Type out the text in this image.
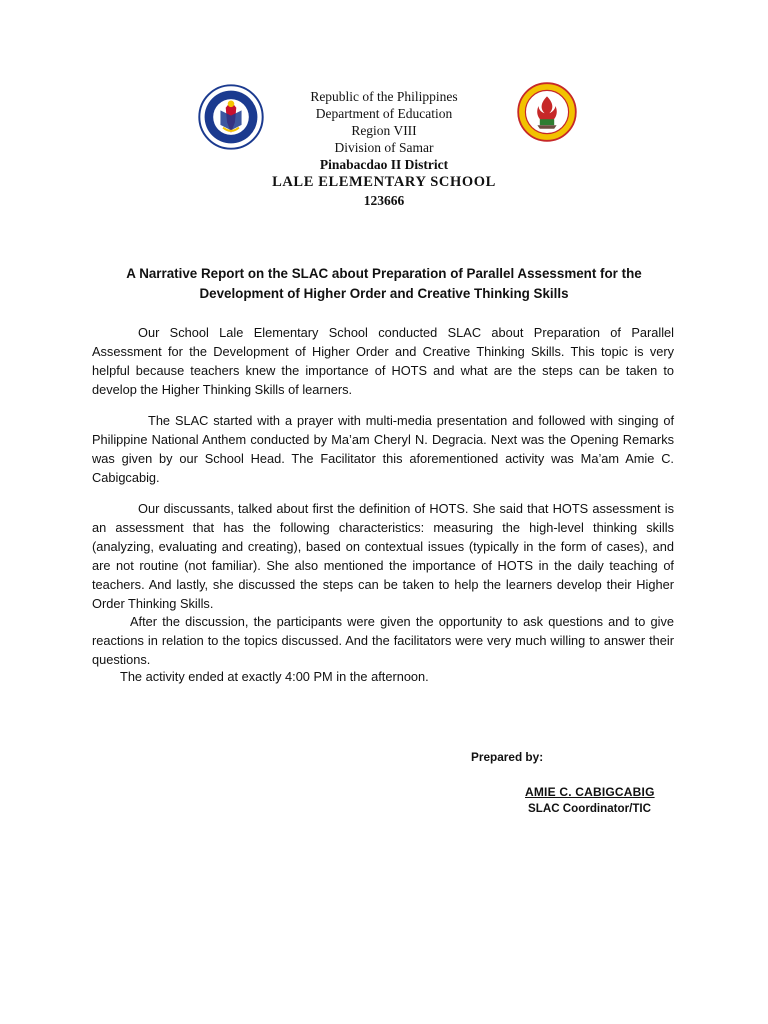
Republic of the Philippines
Department of Education
Region VIII
Division of Samar
Pinabacdao II District
LALE ELEMENTARY SCHOOL
123666
A Narrative Report on the SLAC about Preparation of Parallel Assessment for the Development of Higher Order and Creative Thinking Skills

Our School Lale Elementary School conducted SLAC about Preparation of Parallel Assessment for the Development of Higher Order and Creative Thinking Skills. This topic is very helpful because teachers knew the importance of HOTS and what are the steps can be taken to develop the Higher Thinking Skills of learners.

The SLAC started with a prayer with multi-media presentation and followed with singing of Philippine National Anthem conducted by Ma’am Cheryl N. Degracia. Next was the Opening Remarks was given by our School Head. The Facilitator this aforementioned activity was Ma’am Amie C. Cabigcabig.

Our discussants, talked about first the definition of HOTS. She said that HOTS assessment is an assessment that has the following characteristics: measuring the high-level thinking skills (analyzing, evaluating and creating), based on contextual issues (typically in the form of cases), and are not routine (not familiar). She also mentioned the importance of HOTS in the daily teaching of teachers. And lastly, she discussed the steps can be taken to help the learners develop their Higher Order Thinking Skills.

After the discussion, the participants were given the opportunity to ask questions and to give reactions in relation to the topics discussed. And the facilitators were very much willing to answer their questions.

The activity ended at exactly 4:00 PM in the afternoon.

Prepared by:
AMIE C. CABIGCABIG
SLAC Coordinator/TIC
